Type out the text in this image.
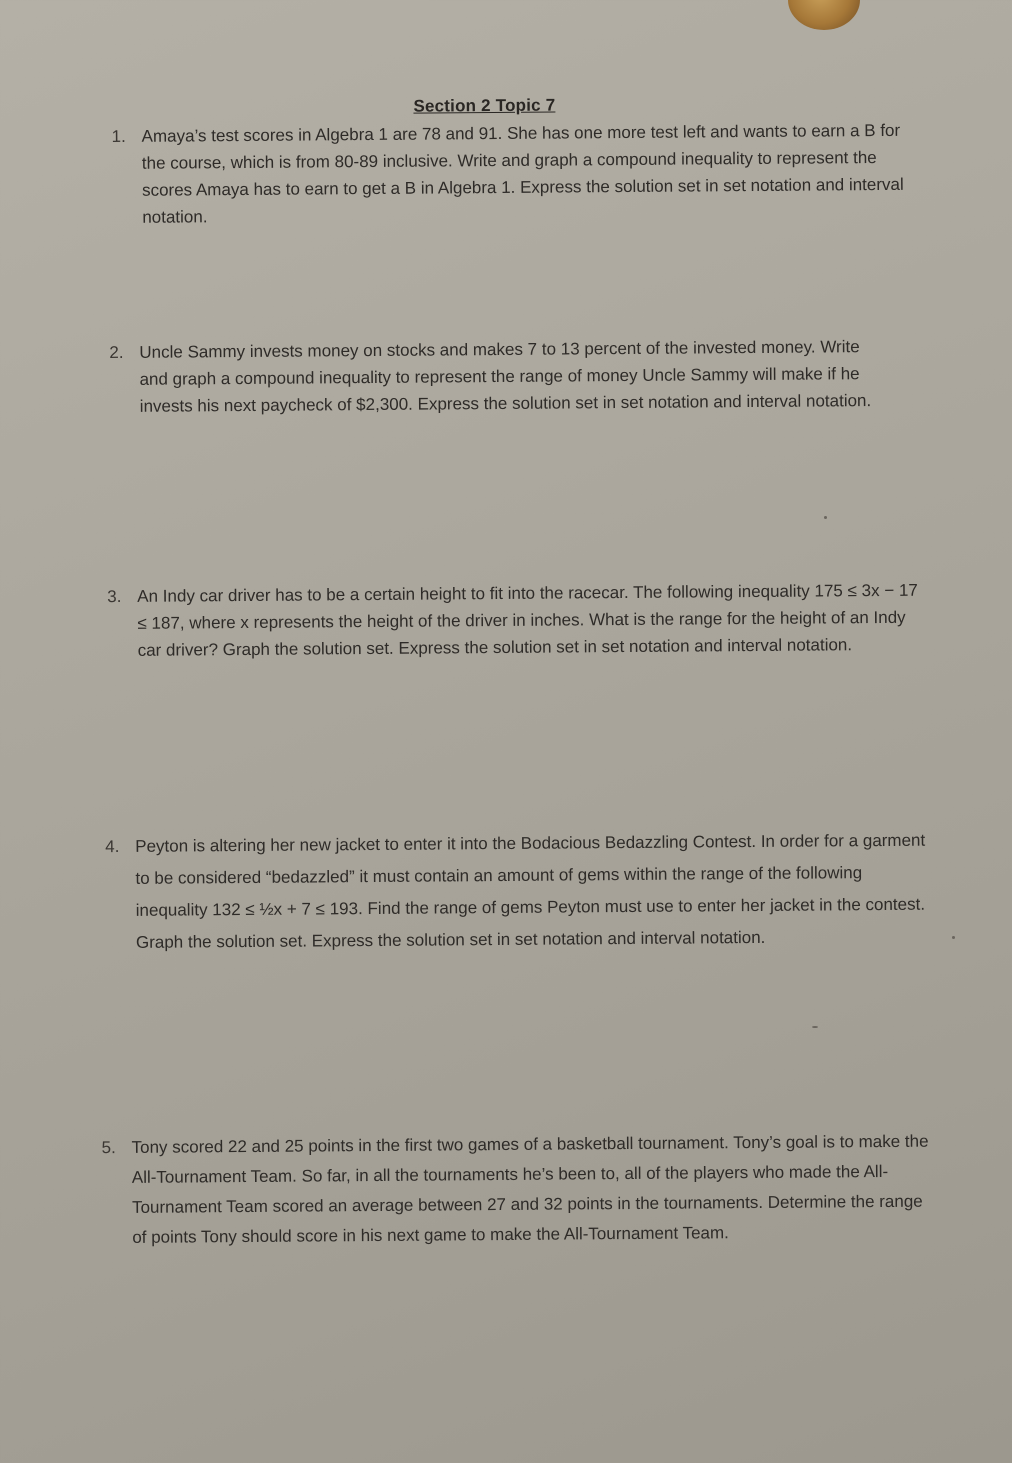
Section 2 Topic 7
1. Amaya’s test scores in Algebra 1 are 78 and 91. She has one more test left and wants to earn a B for the course, which is from 80-89 inclusive. Write and graph a compound inequality to represent the scores Amaya has to earn to get a B in Algebra 1. Express the solution set in set notation and interval notation.
2. Uncle Sammy invests money on stocks and makes 7 to 13 percent of the invested money. Write and graph a compound inequality to represent the range of money Uncle Sammy will make if he invests his next paycheck of $2,300. Express the solution set in set notation and interval notation.
3. An Indy car driver has to be a certain height to fit into the racecar. The following inequality 175 ≤ 3x − 17 ≤ 187, where x represents the height of the driver in inches. What is the range for the height of an Indy car driver? Graph the solution set. Express the solution set in set notation and interval notation.
4. Peyton is altering her new jacket to enter it into the Bodacious Bedazzling Contest. In order for a garment to be considered “bedazzled” it must contain an amount of gems within the range of the following inequality 132 ≤ ½x + 7 ≤ 193. Find the range of gems Peyton must use to enter her jacket in the contest. Graph the solution set. Express the solution set in set notation and interval notation.
5. Tony scored 22 and 25 points in the first two games of a basketball tournament. Tony’s goal is to make the All-Tournament Team. So far, in all the tournaments he’s been to, all of the players who made the All-Tournament Team scored an average between 27 and 32 points in the tournaments. Determine the range of points Tony should score in his next game to make the All-Tournament Team.
